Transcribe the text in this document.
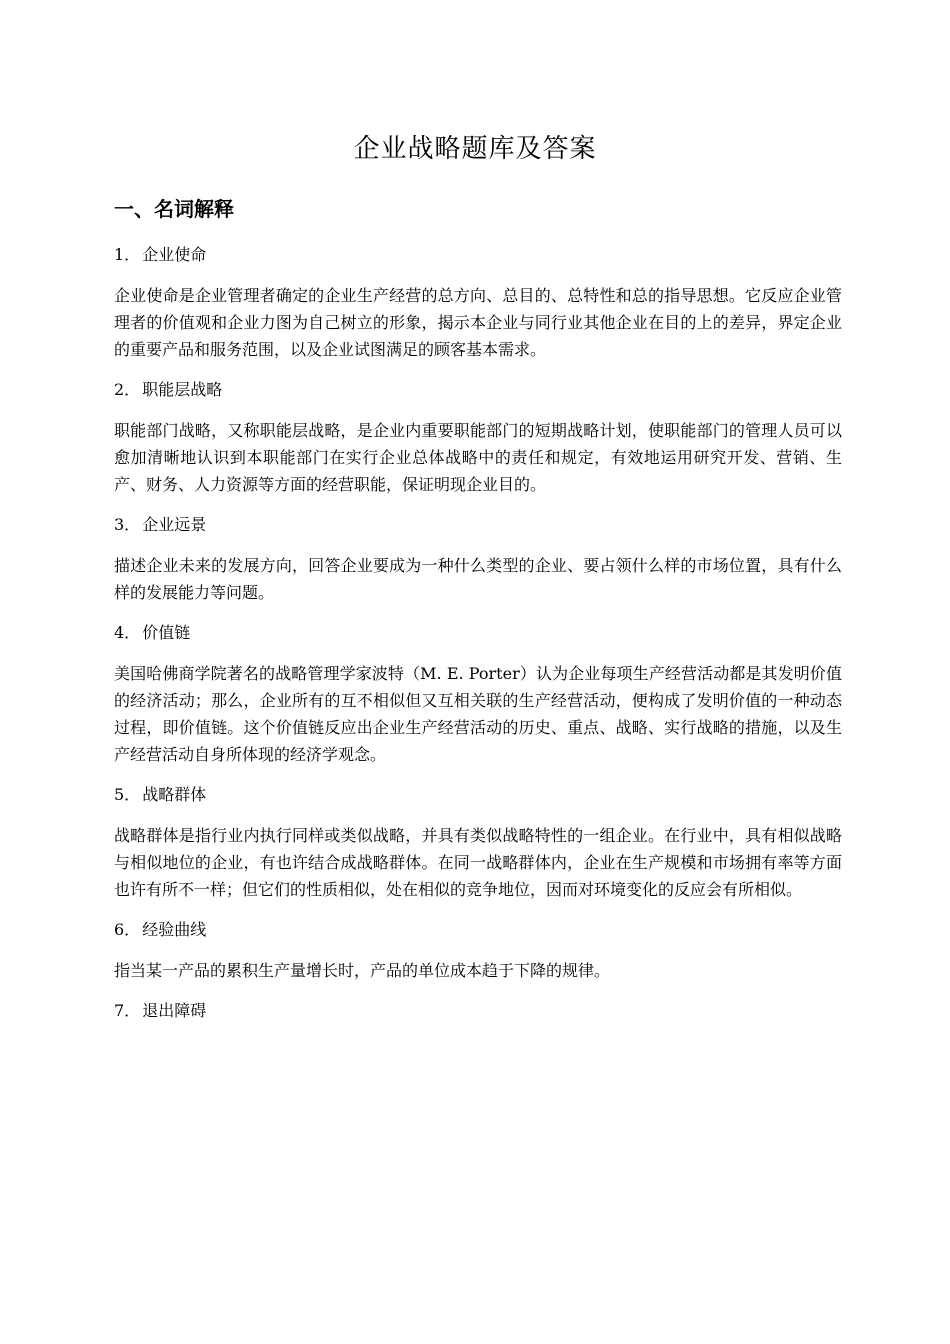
企业战略题库及答案
一、名词解释
1． 企业使命

企业使命是企业管理者确定的企业生产经营的总方向、总目的、总特性和总的指导思想。它反应企业管理者的价值观和企业力图为自己树立的形象，揭示本企业与同行业其他企业在目的上的差异，界定企业的重要产品和服务范围，以及企业试图满足的顾客基本需求。

2． 职能层战略

职能部门战略，又称职能层战略，是企业内重要职能部门的短期战略计划，使职能部门的管理人员可以愈加清晰地认识到本职能部门在实行企业总体战略中的责任和规定，有效地运用研究开发、营销、生产、财务、人力资源等方面的经营职能，保证明现企业目的。

3． 企业远景

描述企业未来的发展方向，回答企业要成为一种什么类型的企业、要占领什么样的市场位置，具有什么样的发展能力等问题。

4． 价值链

美国哈佛商学院著名的战略管理学家波特（M. E. Porter）认为企业每项生产经营活动都是其发明价值的经济活动；那么，企业所有的互不相似但又互相关联的生产经营活动，便构成了发明价值的一种动态过程，即价值链。这个价值链反应出企业生产经营活动的历史、重点、战略、实行战略的措施，以及生产经营活动自身所体现的经济学观念。

5． 战略群体

战略群体是指行业内执行同样或类似战略，并具有类似战略特性的一组企业。在行业中，具有相似战略与相似地位的企业，有也许结合成战略群体。在同一战略群体内，企业在生产规模和市场拥有率等方面也许有所不一样；但它们的性质相似，处在相似的竞争地位，因而对环境变化的反应会有所相似。

6． 经验曲线

指当某一产品的累积生产量增长时，产品的单位成本趋于下降的规律。

7． 退出障碍
